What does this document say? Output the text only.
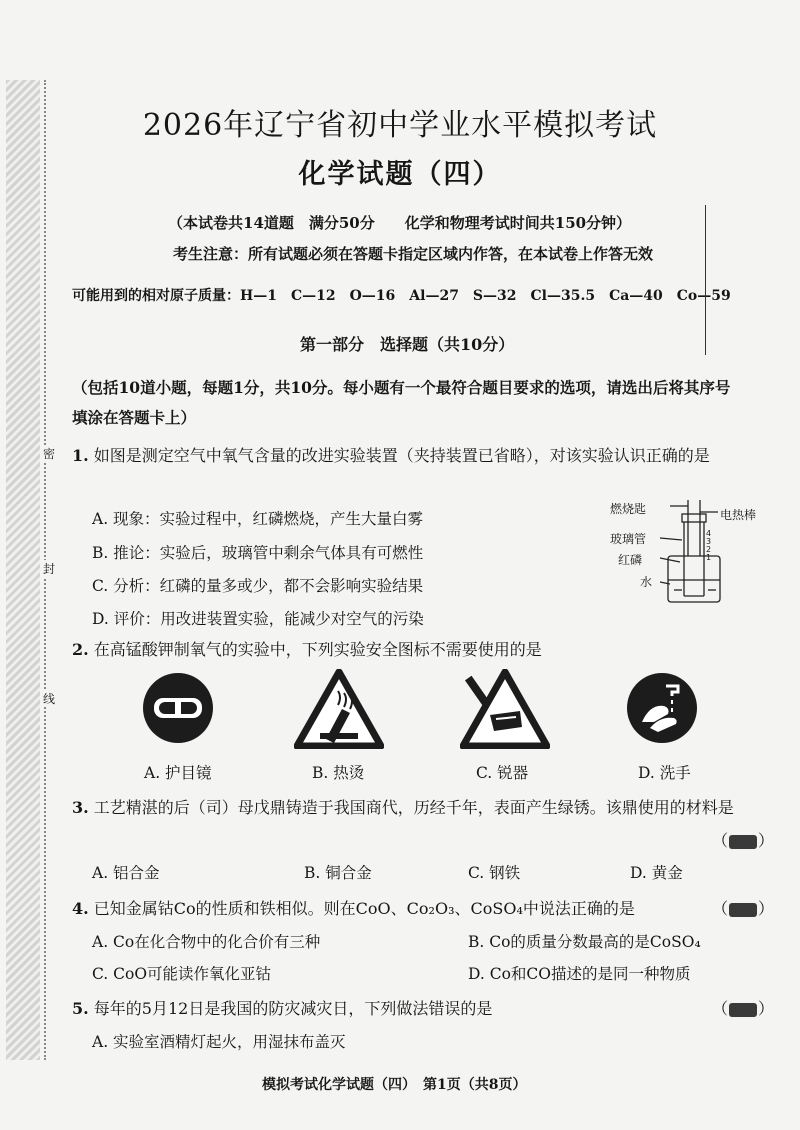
密
封
线
2026年辽宁省初中学业水平模拟考试
化学试题（四）
（本试卷共14道题　满分50分　　化学和物理考试时间共150分钟）
考生注意：所有试题必须在答题卡指定区域内作答，在本试卷上作答无效
可能用到的相对原子质量：H—1　C—12　O—16　Al—27　S—32　Cl—35.5　Ca—40　Co—59
第一部分　选择题（共10分）
（包括10道小题，每题1分，共10分。每小题有一个最符合题目要求的选项，请选出后将其序号
填涂在答题卡上）
1. 如图是测定空气中氧气含量的改进实验装置（夹持装置已省略），对该实验认识正确的是
A. 现象：实验过程中，红磷燃烧，产生大量白雾
B. 推论：实验后，玻璃管中剩余气体具有可燃性
C. 分析：红磷的量多或少，都不会影响实验结果
D. 评价：用改进装置实验，能减少对空气的污染
燃烧匙	电热棒
玻璃管
红磷
水
4
3
2
1
2. 在高锰酸钾制氧气的实验中，下列实验安全图标不需要使用的是
A. 护目镜	B. 热烫	C. 锐器	D. 洗手
3. 工艺精湛的后（司）母戊鼎铸造于我国商代，历经千年，表面产生绿锈。该鼎使用的材料是
（ ）
A. 铝合金	B. 铜合金	C. 钢铁	D. 黄金
4. 已知金属钴Co的性质和铁相似。则在CoO、Co₂O₃、CoSO₄中说法正确的是	（ ）
A. Co在化合物中的化合价有三种	B. Co的质量分数最高的是CoSO₄
C. CoO可能读作氧化亚钴	D. Co和CO描述的是同一种物质
5. 每年的5月12日是我国的防灾减灾日，下列做法错误的是	（ ）
A. 实验室酒精灯起火，用湿抹布盖灭
模拟考试化学试题（四）　第1页（共8页）
